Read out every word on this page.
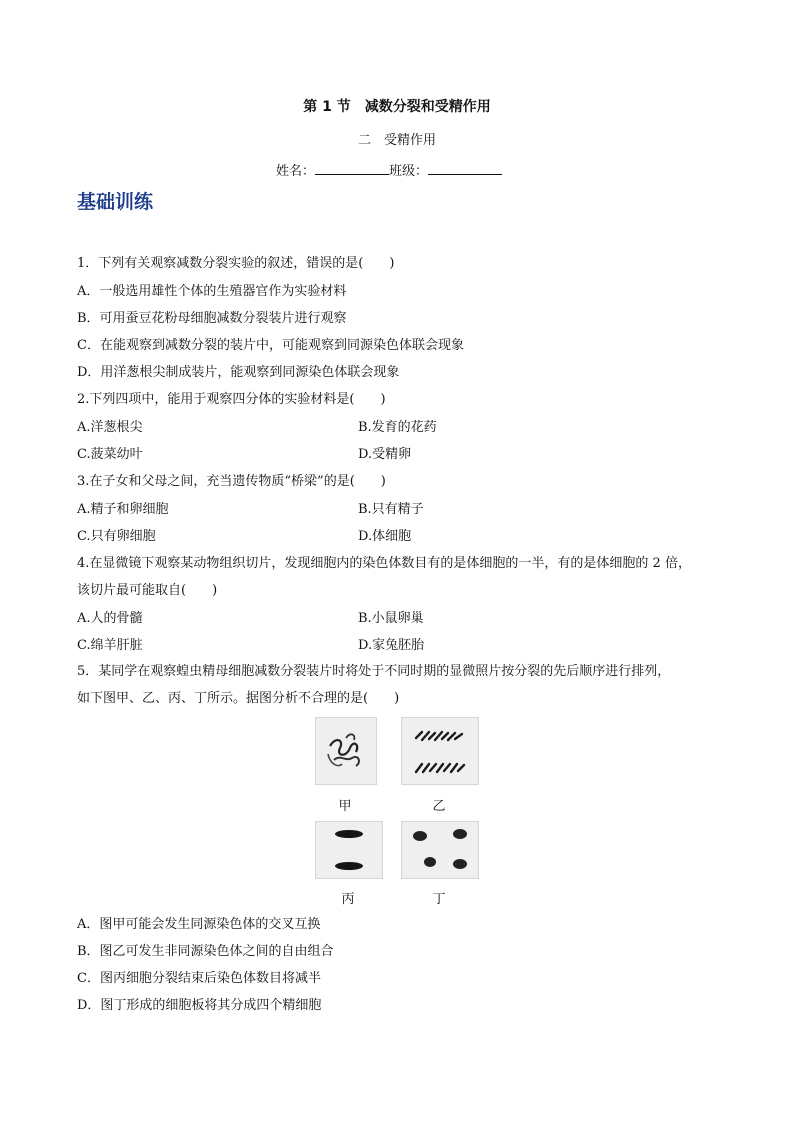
第 1 节　减数分裂和受精作用
二　受精作用
姓名：	班级：
基础训练
1．下列有关观察减数分裂实验的叙述，错误的是(　　)
A．一般选用雄性个体的生殖器官作为实验材料
B．可用蚕豆花粉母细胞减数分裂装片进行观察
C．在能观察到减数分裂的装片中，可能观察到同源染色体联会现象
D．用洋葱根尖制成装片，能观察到同源染色体联会现象
2.下列四项中，能用于观察四分体的实验材料是(　　)
A.洋葱根尖	B.发育的花药
C.菠菜幼叶	D.受精卵
3.在子女和父母之间，充当遗传物质“桥梁”的是(　　)
A.精子和卵细胞	B.只有精子
C.只有卵细胞	D.体细胞
4.在显微镜下观察某动物组织切片，发现细胞内的染色体数目有的是体细胞的一半，有的是体细胞的 2 倍，
该切片最可能取自(　　)
A.人的骨髓	B.小鼠卵巢
C.绵羊肝脏	D.家兔胚胎
5．某同学在观察蝗虫精母细胞减数分裂装片时将处于不同时期的显微照片按分裂的先后顺序进行排列，
如下图甲、乙、丙、丁所示。据图分析不合理的是(　　)
甲	乙
丙	丁
A．图甲可能会发生同源染色体的交叉互换
B．图乙可发生非同源染色体之间的自由组合
C．图丙细胞分裂结束后染色体数目将减半
D．图丁形成的细胞板将其分成四个精细胞
